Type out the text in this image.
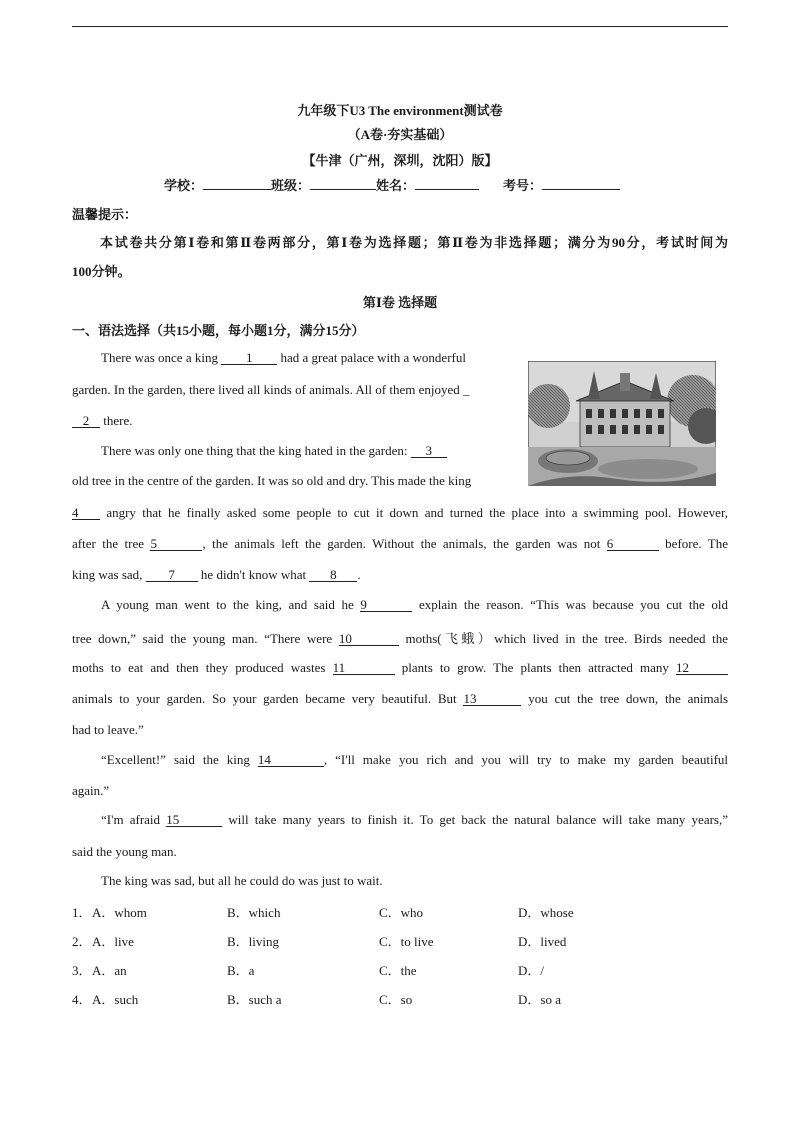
九年级下U3 The environment测试卷
（A卷·夯实基础）
【牛津（广州，深圳，沈阳）版】
学校：	班级：	姓名：	考号：
温馨提示：
本试卷共分第Ⅰ卷和第Ⅱ卷两部分，第Ⅰ卷为选择题；第Ⅱ卷为非选择题；满分为90分，考试时间为
100分钟。
第Ⅰ卷 选择题
一、语法选择（共15小题，每小题1分，满分15分）
There was once a king 1 had a great palace with a wonderful
garden. In the garden, there lived all kinds of animals. All of them enjoyed _
2 there.
There was only one thing that the king hated in the garden: 3
old tree in the centre of the garden. It was so old and dry. This made the king
4 angry that he finally asked some people to cut it down and turned the place into a swimming pool. However,
after the tree 5	, the animals left the garden. Without the animals, the garden was not 6	before. The
king was sad, 7 he didn't know what 8 .
A young man went to the king, and said he 9	explain the reason. “This was because you cut the old
tree down,” said the young man. “There were 10	moths(飞蛾）which lived in the tree. Birds needed the
moths to eat and then they produced wastes 11	plants to grow. The plants then attracted many 12
animals to your garden. So your garden became very beautiful. But 13	you cut the tree down, the animals
had to leave.”
“Excellent!” said the king 14	, “I'll make you rich and you will try to make my garden beautiful
again.”
“I'm afraid 15	will take many years to finish it. To get back the natural balance will take many years,”
said the young man.
The king was sad, but all he could do was just to wait.
1． A．whom	B．which	C．who	D．whose
2． A．live	B．living	C．to live	D．lived
3． A．an	B．a	C．the	D．/
4． A．such	B．such a	C．so	D．so a
